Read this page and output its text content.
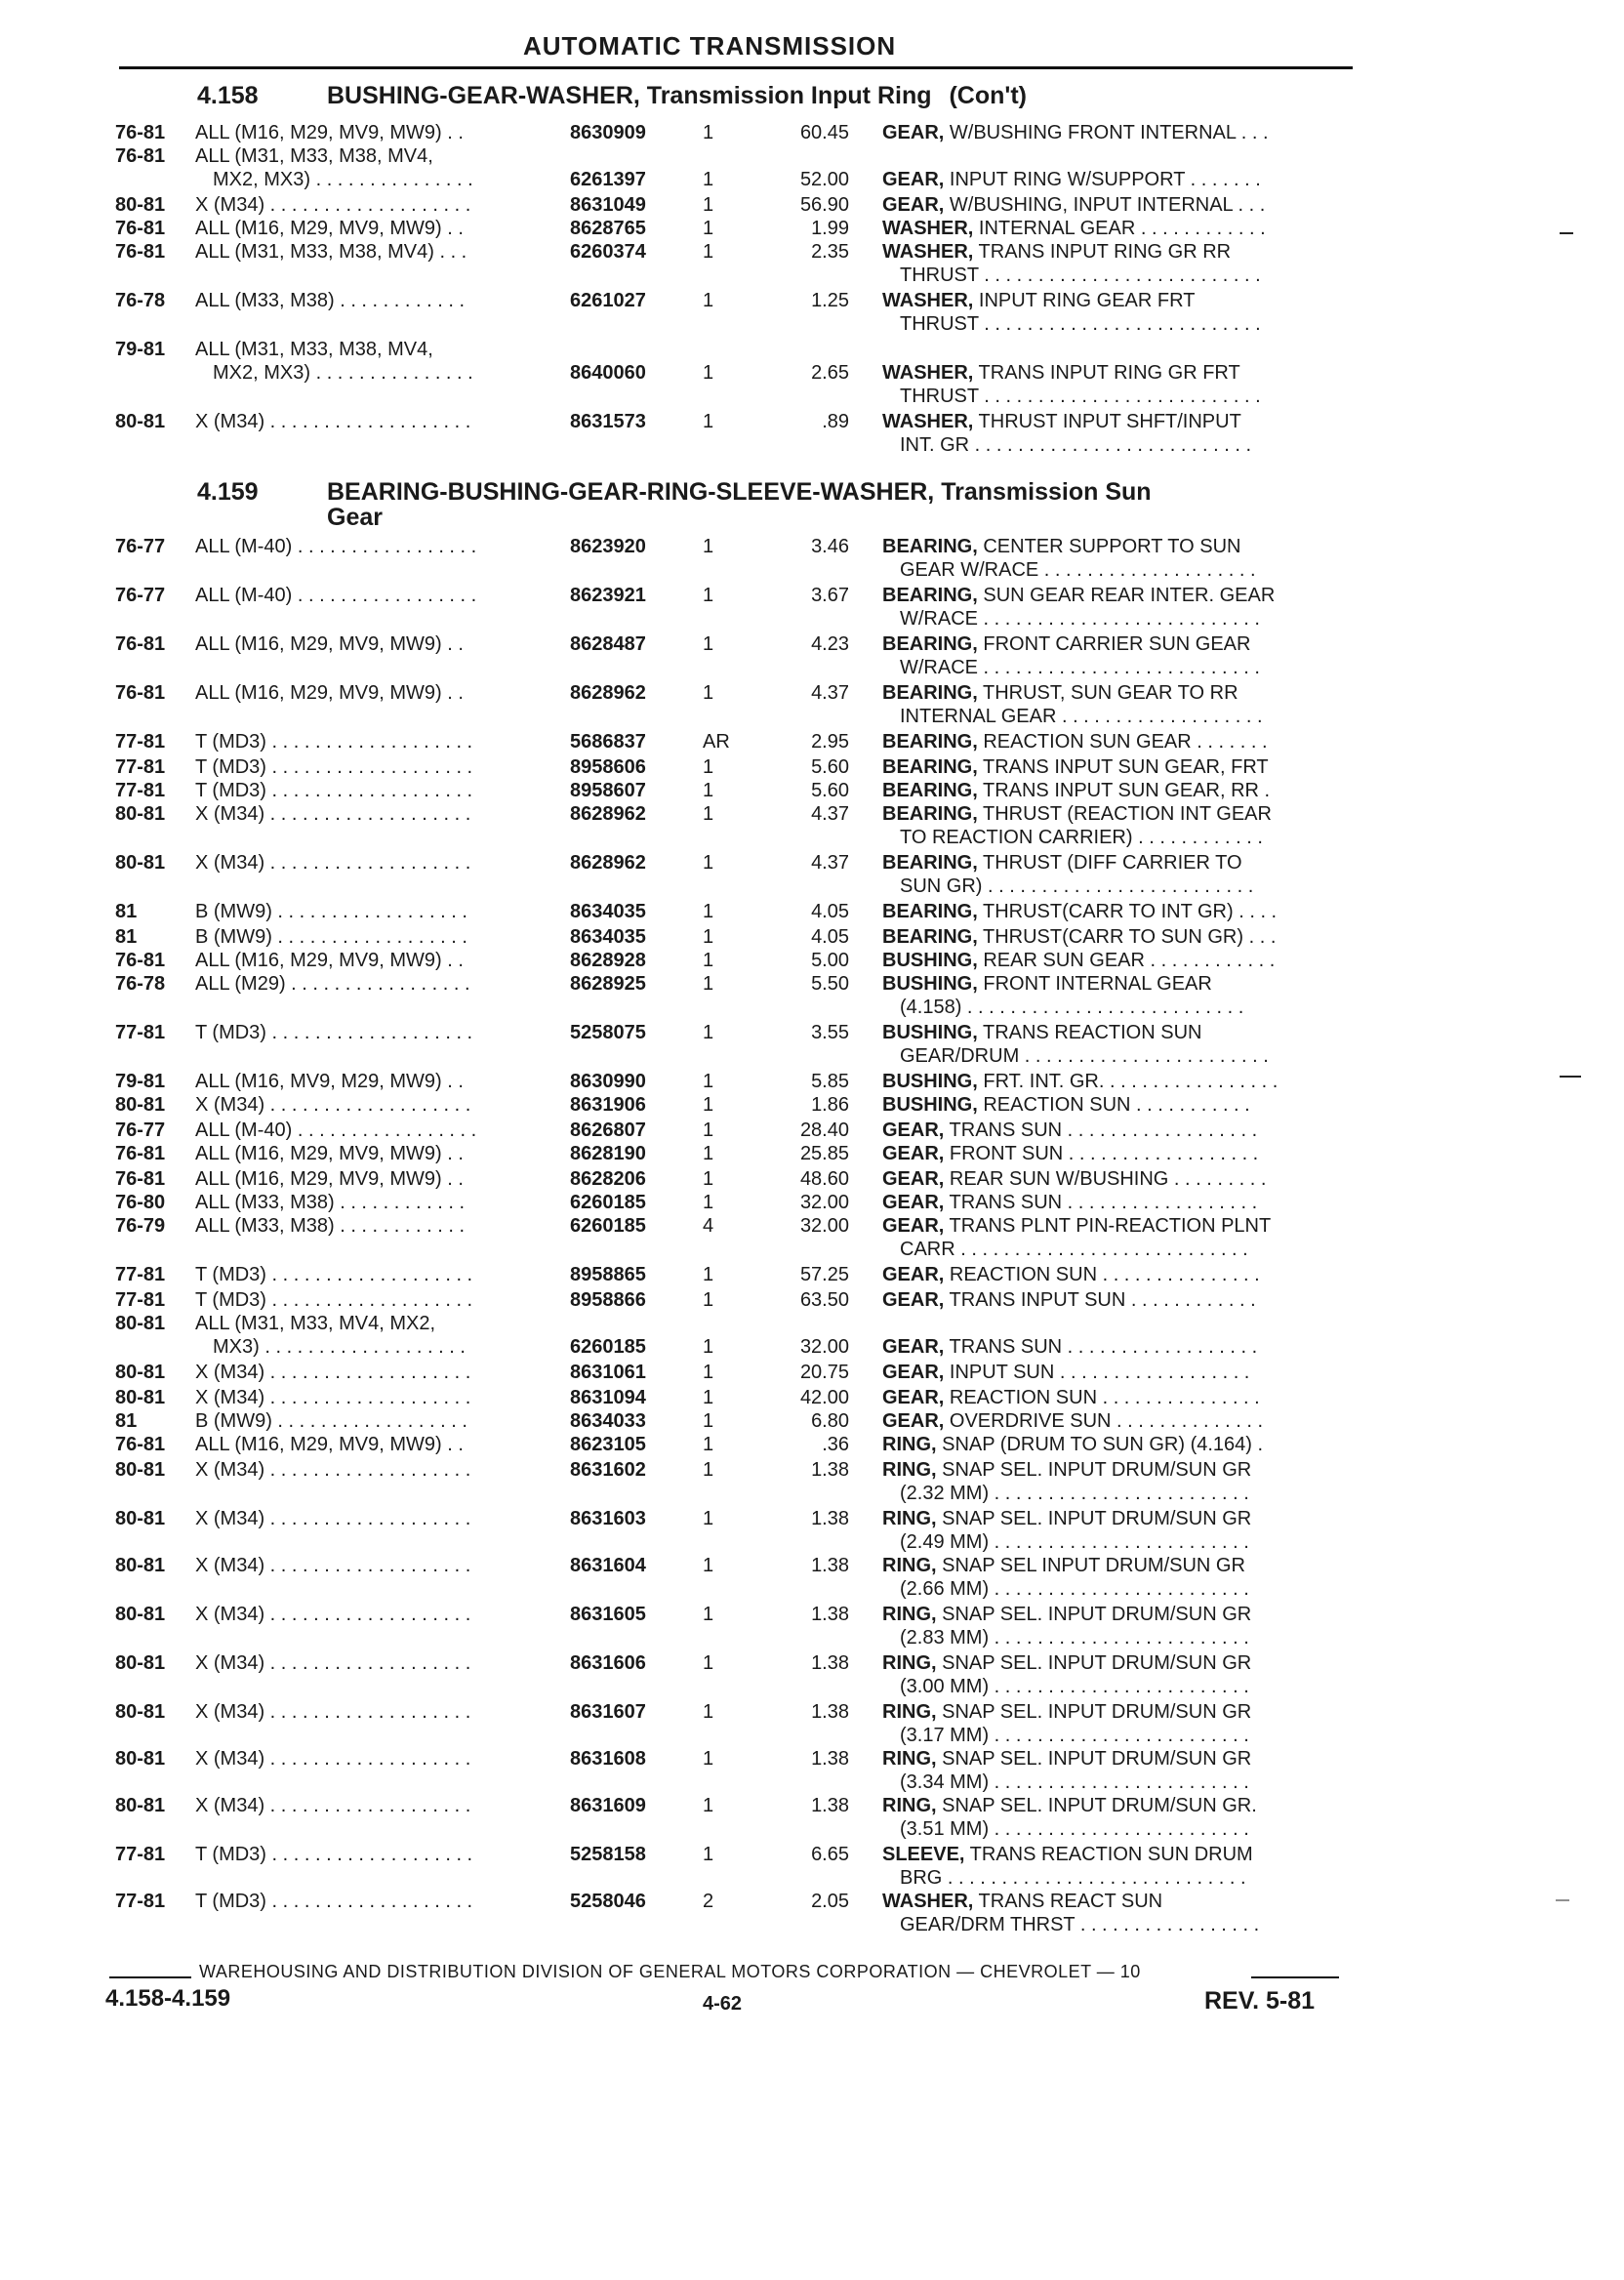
AUTOMATIC TRANSMISSION
4.158	BUSHING-GEAR-WASHER, Transmission Input Ring (Con't)
76-81 ALL (M16, M29, MV9, MW9) . .	8630909	1	60.45 GEAR, W/BUSHING FRONT INTERNAL . . .
76-81 ALL (M31, M33, M38, MV4,
MX2, MX3) . . . . . . . . . . . . . . .	6261397	1	52.00 GEAR, INPUT RING W/SUPPORT . . . . . . .
80-81 X (M34) . . . . . . . . . . . . . . . . . . .	8631049	1	56.90 GEAR, W/BUSHING, INPUT INTERNAL . . .
76-81 ALL (M16, M29, MV9, MW9) . .	8628765	1	1.99 WASHER, INTERNAL GEAR . . . . . . . . . . . .
76-81 ALL (M31, M33, M38, MV4) . . .	6260374	1	2.35 WASHER, TRANS INPUT RING GR RR
THRUST . . . . . . . . . . . . . . . . . . . . . . . . . .
76-78 ALL (M33, M38) . . . . . . . . . . . .	6261027	1	1.25 WASHER, INPUT RING GEAR FRT
THRUST . . . . . . . . . . . . . . . . . . . . . . . . . .
79-81 ALL (M31, M33, M38, MV4,
MX2, MX3) . . . . . . . . . . . . . . .	8640060	1	2.65 WASHER, TRANS INPUT RING GR FRT
THRUST . . . . . . . . . . . . . . . . . . . . . . . . . .
80-81 X (M34) . . . . . . . . . . . . . . . . . . .	8631573	1	.89 WASHER, THRUST INPUT SHFT/INPUT
INT. GR . . . . . . . . . . . . . . . . . . . . . . . . . .
4.159	BEARING-BUSHING-GEAR-RING-SLEEVE-WASHER, Transmission Sun
Gear
76-77 ALL (M-40) . . . . . . . . . . . . . . . . .	8623920	1	3.46 BEARING, CENTER SUPPORT TO SUN
GEAR W/RACE . . . . . . . . . . . . . . . . . . . .
76-77 ALL (M-40) . . . . . . . . . . . . . . . . .	8623921	1	3.67 BEARING, SUN GEAR REAR INTER. GEAR
W/RACE . . . . . . . . . . . . . . . . . . . . . . . . . .
76-81 ALL (M16, M29, MV9, MW9) . .	8628487	1	4.23 BEARING, FRONT CARRIER SUN GEAR
W/RACE . . . . . . . . . . . . . . . . . . . . . . . . . .
76-81 ALL (M16, M29, MV9, MW9) . .	8628962	1	4.37 BEARING, THRUST, SUN GEAR TO RR
INTERNAL GEAR . . . . . . . . . . . . . . . . . . .
77-81 T (MD3) . . . . . . . . . . . . . . . . . . .	5686837	AR	2.95 BEARING, REACTION SUN GEAR . . . . . . .
77-81 T (MD3) . . . . . . . . . . . . . . . . . . .	8958606	1	5.60 BEARING, TRANS INPUT SUN GEAR, FRT
77-81 T (MD3) . . . . . . . . . . . . . . . . . . .	8958607	1	5.60 BEARING, TRANS INPUT SUN GEAR, RR .
80-81 X (M34) . . . . . . . . . . . . . . . . . . .	8628962	1	4.37 BEARING, THRUST (REACTION INT GEAR
TO REACTION CARRIER) . . . . . . . . . . . .
80-81 X (M34) . . . . . . . . . . . . . . . . . . .	8628962	1	4.37 BEARING, THRUST (DIFF CARRIER TO
SUN GR) . . . . . . . . . . . . . . . . . . . . . . . . .
81	B (MW9) . . . . . . . . . . . . . . . . . .	8634035	1	4.05 BEARING, THRUST(CARR TO INT GR) . . . .
81	B (MW9) . . . . . . . . . . . . . . . . . .	8634035	1	4.05 BEARING, THRUST(CARR TO SUN GR) . . .
76-81 ALL (M16, M29, MV9, MW9) . .	8628928	1	5.00 BUSHING, REAR SUN GEAR . . . . . . . . . . . .
76-78 ALL (M29) . . . . . . . . . . . . . . . . .	8628925	1	5.50 BUSHING, FRONT INTERNAL GEAR
(4.158) . . . . . . . . . . . . . . . . . . . . . . . . . .
77-81 T (MD3) . . . . . . . . . . . . . . . . . . .	5258075	1	3.55 BUSHING, TRANS REACTION SUN
GEAR/DRUM . . . . . . . . . . . . . . . . . . . . . . .
79-81 ALL (M16, MV9, M29, MW9) . .	8630990	1	5.85 BUSHING, FRT. INT. GR. . . . . . . . . . . . . . . . .
80-81 X (M34) . . . . . . . . . . . . . . . . . . .	8631906	1	1.86 BUSHING, REACTION SUN . . . . . . . . . . .
76-77 ALL (M-40) . . . . . . . . . . . . . . . . .	8626807	1	28.40 GEAR, TRANS SUN . . . . . . . . . . . . . . . . . .
76-81 ALL (M16, M29, MV9, MW9) . .	8628190	1	25.85 GEAR, FRONT SUN . . . . . . . . . . . . . . . . . .
76-81 ALL (M16, M29, MV9, MW9) . .	8628206	1	48.60 GEAR, REAR SUN W/BUSHING . . . . . . . . .
76-80 ALL (M33, M38) . . . . . . . . . . . .	6260185	1	32.00 GEAR, TRANS SUN . . . . . . . . . . . . . . . . . .
76-79 ALL (M33, M38) . . . . . . . . . . . .	6260185	4	32.00 GEAR, TRANS PLNT PIN-REACTION PLNT
CARR . . . . . . . . . . . . . . . . . . . . . . . . . . .
77-81 T (MD3) . . . . . . . . . . . . . . . . . . .	8958865	1	57.25 GEAR, REACTION SUN . . . . . . . . . . . . . . .
77-81 T (MD3) . . . . . . . . . . . . . . . . . . .	8958866	1	63.50 GEAR, TRANS INPUT SUN . . . . . . . . . . . .
80-81 ALL (M31, M33, MV4, MX2,
MX3) . . . . . . . . . . . . . . . . . . .	6260185	1	32.00 GEAR, TRANS SUN . . . . . . . . . . . . . . . . . .
80-81 X (M34) . . . . . . . . . . . . . . . . . . .	8631061	1	20.75 GEAR, INPUT SUN . . . . . . . . . . . . . . . . . .
80-81 X (M34) . . . . . . . . . . . . . . . . . . .	8631094	1	42.00 GEAR, REACTION SUN . . . . . . . . . . . . . . .
81	B (MW9) . . . . . . . . . . . . . . . . . .	8634033	1	6.80 GEAR, OVERDRIVE SUN . . . . . . . . . . . . . .
76-81 ALL (M16, M29, MV9, MW9) . .	8623105	1	.36 RING, SNAP (DRUM TO SUN GR) (4.164) .
80-81 X (M34) . . . . . . . . . . . . . . . . . . .	8631602	1	1.38 RING, SNAP SEL. INPUT DRUM/SUN GR
(2.32 MM) . . . . . . . . . . . . . . . . . . . . . . . .
80-81 X (M34) . . . . . . . . . . . . . . . . . . .	8631603	1	1.38 RING, SNAP SEL. INPUT DRUM/SUN GR
(2.49 MM) . . . . . . . . . . . . . . . . . . . . . . . .
80-81 X (M34) . . . . . . . . . . . . . . . . . . .	8631604	1	1.38 RING, SNAP SEL INPUT DRUM/SUN GR
(2.66 MM) . . . . . . . . . . . . . . . . . . . . . . . .
80-81 X (M34) . . . . . . . . . . . . . . . . . . .	8631605	1	1.38 RING, SNAP SEL. INPUT DRUM/SUN GR
(2.83 MM) . . . . . . . . . . . . . . . . . . . . . . . .
80-81 X (M34) . . . . . . . . . . . . . . . . . . .	8631606	1	1.38 RING, SNAP SEL. INPUT DRUM/SUN GR
(3.00 MM) . . . . . . . . . . . . . . . . . . . . . . . .
80-81 X (M34) . . . . . . . . . . . . . . . . . . .	8631607	1	1.38 RING, SNAP SEL. INPUT DRUM/SUN GR
(3.17 MM) . . . . . . . . . . . . . . . . . . . . . . . .
80-81 X (M34) . . . . . . . . . . . . . . . . . . .	8631608	1	1.38 RING, SNAP SEL. INPUT DRUM/SUN GR
(3.34 MM) . . . . . . . . . . . . . . . . . . . . . . . .
80-81 X (M34) . . . . . . . . . . . . . . . . . . .	8631609	1	1.38 RING, SNAP SEL. INPUT DRUM/SUN GR.
(3.51 MM) . . . . . . . . . . . . . . . . . . . . . . . .
77-81 T (MD3) . . . . . . . . . . . . . . . . . . .	5258158	1	6.65 SLEEVE, TRANS REACTION SUN DRUM
BRG . . . . . . . . . . . . . . . . . . . . . . . . . . . .
77-81 T (MD3) . . . . . . . . . . . . . . . . . . .	5258046	2	2.05 WASHER, TRANS REACT SUN
GEAR/DRM THRST . . . . . . . . . . . . . . . . .
WAREHOUSING AND DISTRIBUTION DIVISION OF GENERAL MOTORS CORPORATION — CHEVROLET — 10
4.158-4.159	4-62	REV. 5-81
